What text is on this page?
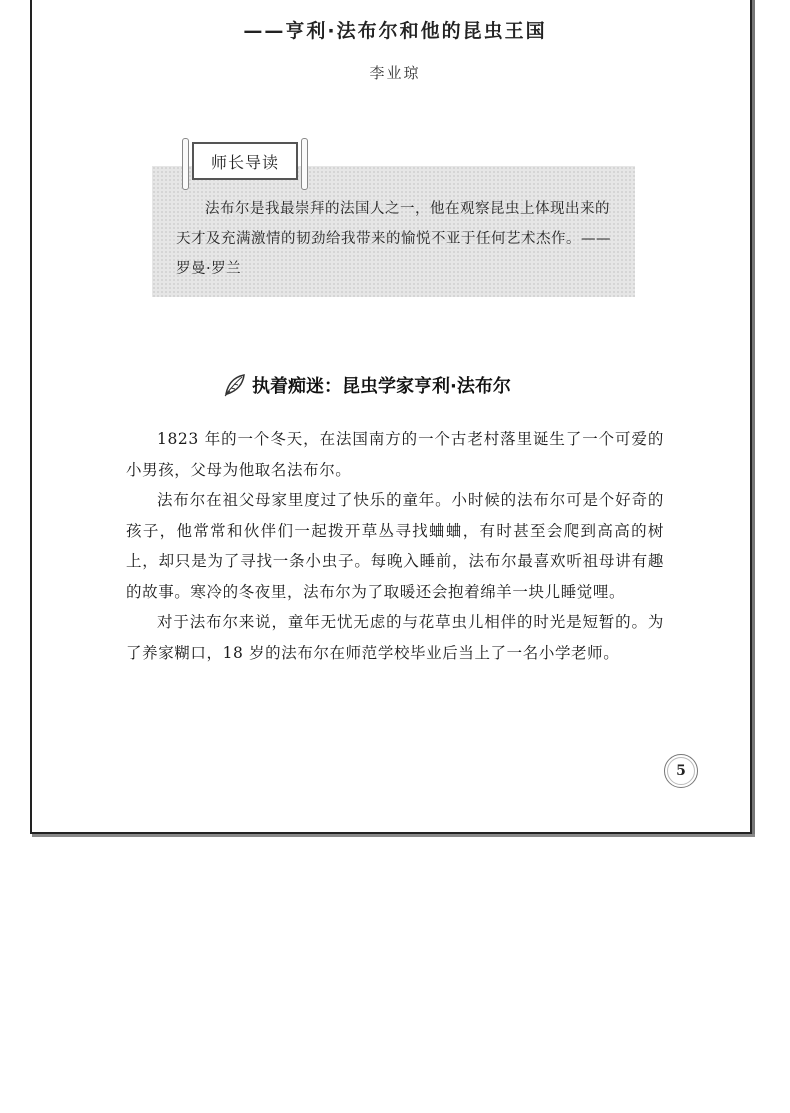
——亨利·法布尔和他的昆虫王国
李业琼
法布尔是我最崇拜的法国人之一，他在观察昆虫上体现出来的天才及充满激情的韧劲给我带来的愉悦不亚于任何艺术杰作。——罗曼·罗兰
师长导读
执着痴迷：昆虫学家亨利·法布尔

1823 年的一个冬天，在法国南方的一个古老村落里诞生了一个可爱的小男孩，父母为他取名法布尔。

法布尔在祖父母家里度过了快乐的童年。小时候的法布尔可是个好奇的孩子，他常常和伙伴们一起拨开草丛寻找蛐蛐，有时甚至会爬到高高的树上，却只是为了寻找一条小虫子。每晚入睡前，法布尔最喜欢听祖母讲有趣的故事。寒冷的冬夜里，法布尔为了取暖还会抱着绵羊一块儿睡觉哩。

对于法布尔来说，童年无忧无虑的与花草虫儿相伴的时光是短暂的。为了养家糊口，18 岁的法布尔在师范学校毕业后当上了一名小学老师。

5
